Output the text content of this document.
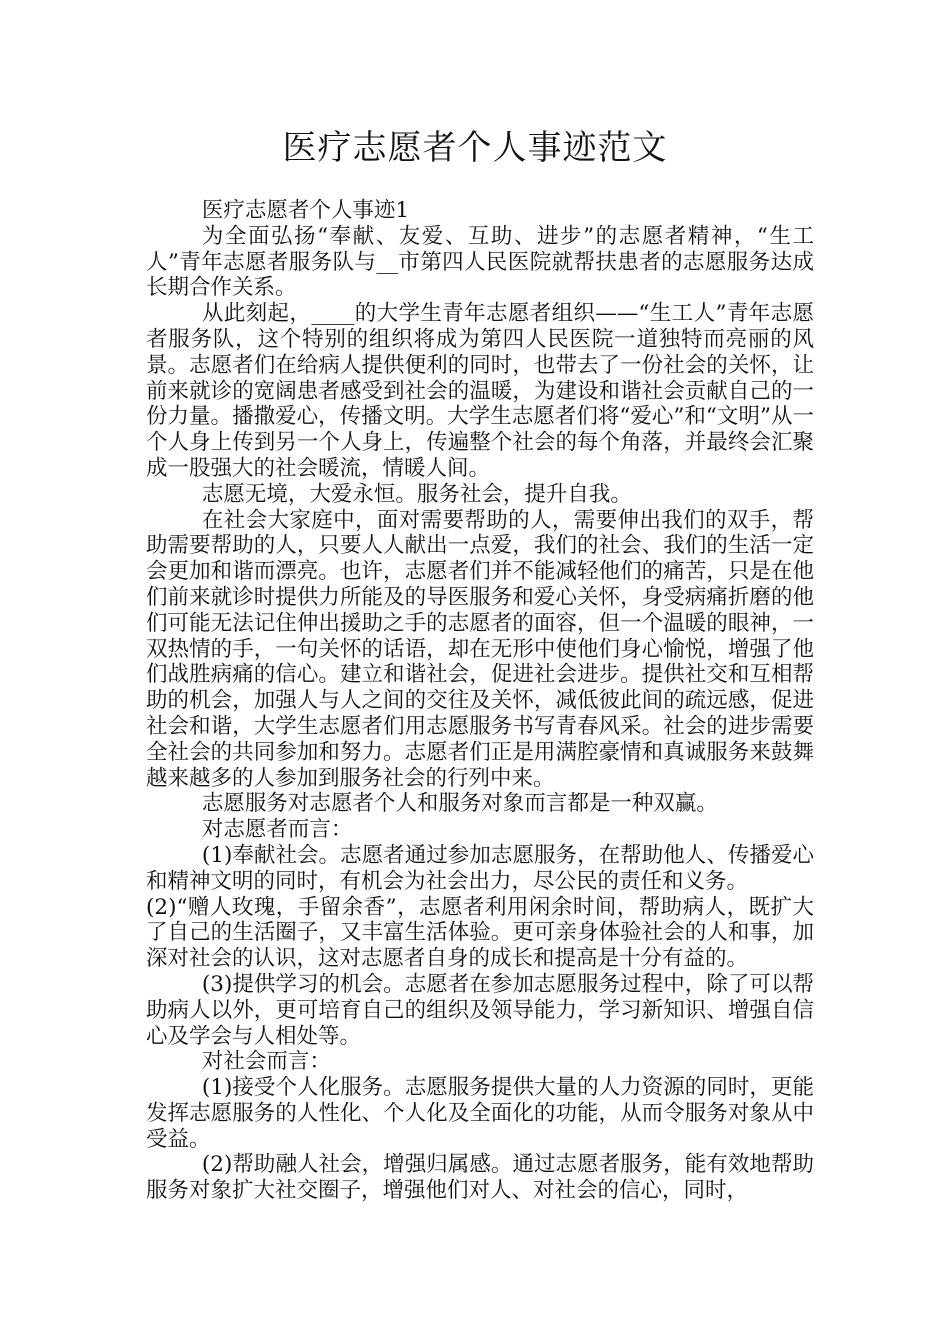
医疗志愿者个人事迹范文

医疗志愿者个人事迹1

为全面弘扬“奉献、友爱、互助、进步”的志愿者精神，“生工人”青年志愿者服务队与__市第四人民医院就帮扶患者的志愿服务达成长期合作关系。

从此刻起，____的大学生青年志愿者组织——“生工人”青年志愿者服务队，这个特别的组织将成为第四人民医院一道独特而亮丽的风景。志愿者们在给病人提供便利的同时，也带去了一份社会的关怀，让前来就诊的宽阔患者感受到社会的温暖，为建设和谐社会贡献自己的一份力量。播撒爱心，传播文明。大学生志愿者们将“爱心”和“文明”从一个人身上传到另一个人身上，传遍整个社会的每个角落，并最终会汇聚成一股强大的社会暖流，情暖人间。

志愿无境，大爱永恒。服务社会，提升自我。

在社会大家庭中，面对需要帮助的人，需要伸出我们的双手，帮助需要帮助的人，只要人人献出一点爱，我们的社会、我们的生活一定会更加和谐而漂亮。也许，志愿者们并不能减轻他们的痛苦，只是在他们前来就诊时提供力所能及的导医服务和爱心关怀，身受病痛折磨的他们可能无法记住伸出援助之手的志愿者的面容，但一个温暖的眼神，一双热情的手，一句关怀的话语，却在无形中使他们身心愉悦，增强了他们战胜病痛的信心。建立和谐社会，促进社会进步。提供社交和互相帮助的机会，加强人与人之间的交往及关怀，减低彼此间的疏远感，促进社会和谐，大学生志愿者们用志愿服务书写青春风采。社会的进步需要全社会的共同参加和努力。志愿者们正是用满腔豪情和真诚服务来鼓舞越来越多的人参加到服务社会的行列中来。

志愿服务对志愿者个人和服务对象而言都是一种双赢。

对志愿者而言：

(1)奉献社会。志愿者通过参加志愿服务，在帮助他人、传播爱心和精神文明的同时，有机会为社会出力，尽公民的责任和义务。

(2)“赠人玫瑰，手留余香”，志愿者利用闲余时间，帮助病人，既扩大了自己的生活圈子，又丰富生活体验。更可亲身体验社会的人和事，加深对社会的认识，这对志愿者自身的成长和提高是十分有益的。

(3)提供学习的机会。志愿者在参加志愿服务过程中，除了可以帮助病人以外，更可培育自己的组织及领导能力，学习新知识、增强自信心及学会与人相处等。

对社会而言：

(1)接受个人化服务。志愿服务提供大量的人力资源的同时，更能发挥志愿服务的人性化、个人化及全面化的功能，从而令服务对象从中受益。

(2)帮助融人社会，增强归属感。通过志愿者服务，能有效地帮助服务对象扩大社交圈子，增强他们对人、对社会的信心，同时，
